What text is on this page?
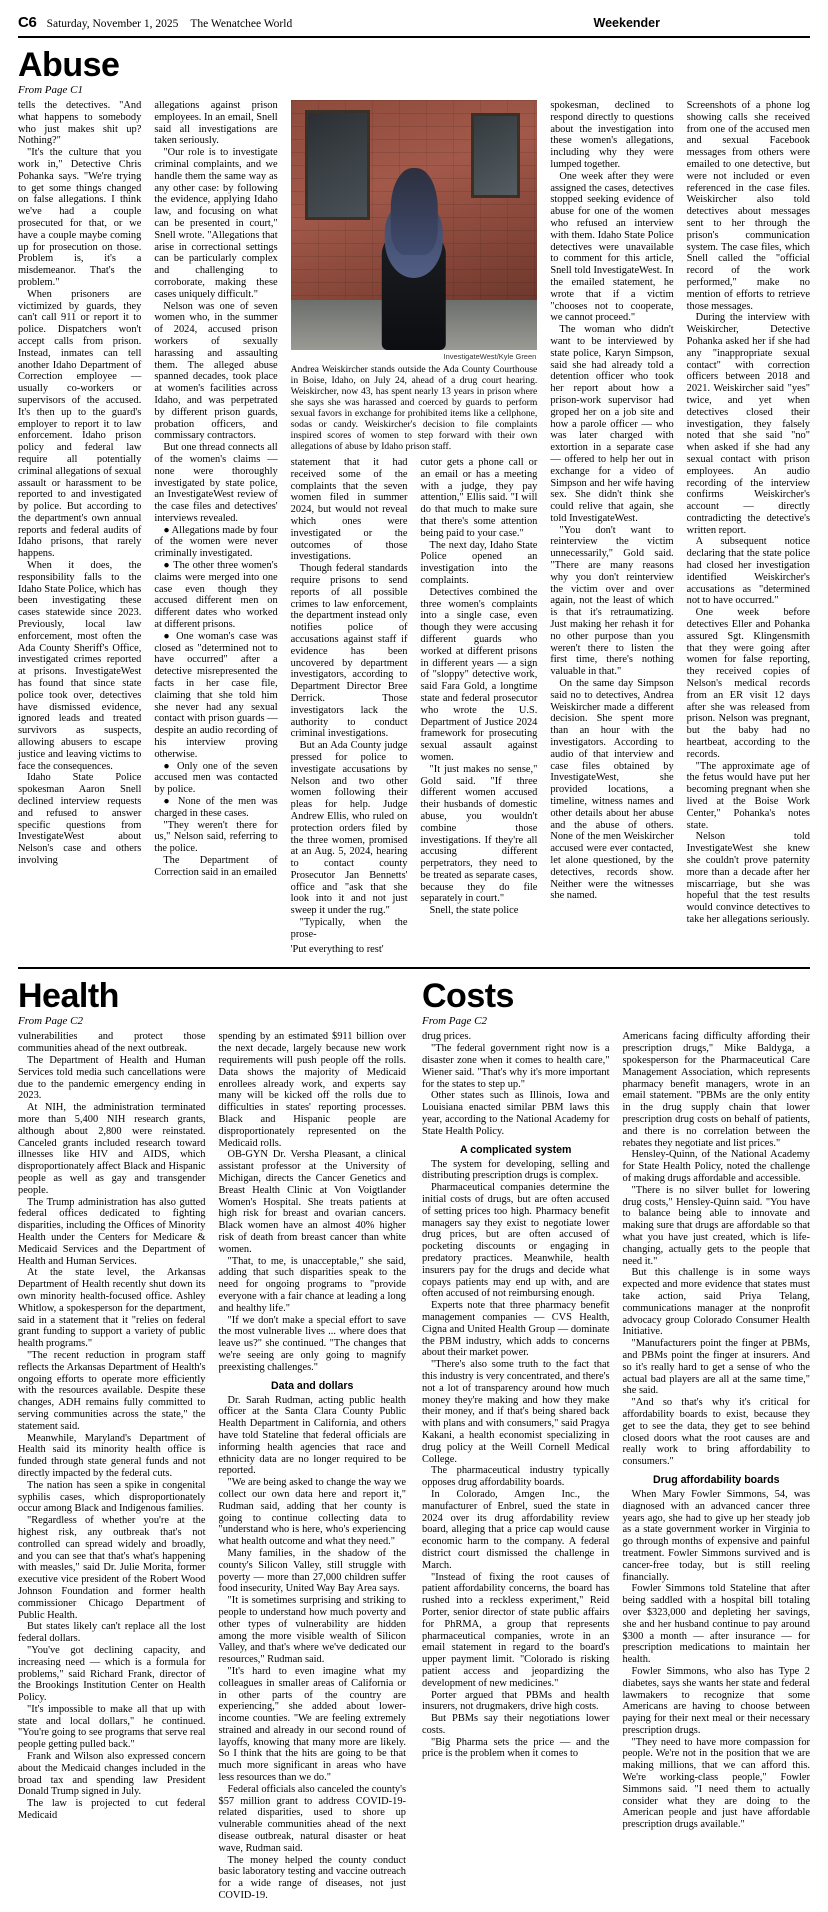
C6 Saturday, November 1, 2025 The Wenatchee World	Weekender
Abuse
From Page C1

tells the detectives. "And what happens to somebody who just makes shit up? Nothing?"

"It's the culture that you work in," Detective Chris Pohanka says. "We're trying to get some things changed on false allegations. I think we've had a couple prosecuted for that, or we have a couple maybe coming up for prosecution on those. Problem is, it's a misdemeanor. That's the problem."

When prisoners are victimized by guards, they can't call 911 or report it to police. Dispatchers won't accept calls from prison. Instead, inmates can tell another Idaho Department of Correction employee — usually co-workers or supervisors of the accused. It's then up to the guard's employer to report it to law enforcement. Idaho prison policy and federal law require all potentially criminal allegations of sexual assault or harassment to be reported to and investigated by police. But according to the department's own annual reports and federal audits of Idaho prisons, that rarely happens.

When it does, the responsibility falls to the Idaho State Police, which has been investigating these cases statewide since 2023. Previously, local law enforcement, most often the Ada County Sheriff's Office, investigated crimes reported at prisons. InvestigateWest has found that since state police took over, detectives have dismissed evidence, ignored leads and treated survivors as suspects, allowing abusers to escape justice and leaving victims to face the consequences.

Idaho State Police spokesman Aaron Snell declined interview requests and refused to answer specific questions from InvestigateWest about Nelson's case and others involving

allegations against prison employees. In an email, Snell said all investigations are taken seriously.

"Our role is to investigate criminal complaints, and we handle them the same way as any other case: by following the evidence, applying Idaho law, and focusing on what can be presented in court," Snell wrote. "Allegations that arise in correctional settings can be particularly complex and challenging to corroborate, making these cases uniquely difficult."

Nelson was one of seven women who, in the summer of 2024, accused prison workers of sexually harassing and assaulting them. The alleged abuse spanned decades, took place at women's facilities across Idaho, and was perpetrated by different prison guards, probation officers, and commissary contractors.

But one thread connects all of the women's claims — none were thoroughly investigated by state police, an InvestigateWest review of the case files and detectives' interviews revealed.

● Allegations made by four of the women were never criminally investigated.

● The other three women's claims were merged into one case even though they accused different men on different dates who worked at different prisons.

● One woman's case was closed as "determined not to have occurred" after a detective misrepresented the facts in her case file, claiming that she told him she never had any sexual contact with prison guards — despite an audio recording of his interview proving otherwise.

● Only one of the seven accused men was contacted by police.

● None of the men was charged in these cases.

"They weren't there for us," Nelson said, referring to the police.

The Department of Correction said in an emailed

InvestigateWest/Kyle Green
Andrea Weiskircher stands outside the Ada County Courthouse in Boise, Idaho, on July 24, ahead of a drug court hearing. Weiskircher, now 43, has spent nearly 13 years in prison where she says she was harassed and coerced by guards to perform sexual favors in exchange for prohibited items like a cellphone, sodas or candy. Weiskircher's decision to file complaints inspired scores of women to step forward with their own allegations of abuse by Idaho prison staff.

statement that it had received some of the complaints that the seven women filed in summer 2024, but would not reveal which ones were investigated or the outcomes of those investigations.

Though federal standards require prisons to send reports of all possible crimes to law enforcement, the department instead only notifies police of accusations against staff if evidence has been uncovered by department investigators, according to Department Director Bree Derrick. Those investigators lack the authority to conduct criminal investigations.

But an Ada County judge pressed for police to investigate accusations by Nelson and two other women following their pleas for help. Judge Andrew Ellis, who ruled on protection orders filed by the three women, promised at an Aug. 5, 2024, hearing to contact county Prosecutor Jan Bennetts' office and "ask that she look into it and not just sweep it under the rug."

"Typically, when the prose-

cutor gets a phone call or an email or has a meeting with a judge, they pay attention," Ellis said. "I will do that much to make sure that there's some attention being paid to your case."

The next day, Idaho State Police opened an investigation into the complaints.

Detectives combined the three women's complaints into a single case, even though they were accusing different guards who worked at different prisons in different years — a sign of "sloppy" detective work, said Fara Gold, a longtime state and federal prosecutor who wrote the U.S. Department of Justice 2024 framework for prosecuting sexual assault against women.

"It just makes no sense," Gold said. "If three different women accused their husbands of domestic abuse, you wouldn't combine those investigations. If they're all accusing different perpetrators, they need to be treated as separate cases, because they do file separately in court."

Snell, the state police

'Put everything to rest'

spokesman, declined to respond directly to questions about the investigation into these women's allegations, including why they were lumped together.

One week after they were assigned the cases, detectives stopped seeking evidence of abuse for one of the women who refused an interview with them. Idaho State Police detectives were unavailable to comment for this article, Snell told InvestigateWest. In the emailed statement, he wrote that if a victim "chooses not to cooperate, we cannot proceed."

The woman who didn't want to be interviewed by state police, Karyn Simpson, said she had already told a detention officer who took her report about how a prison-work supervisor had groped her on a job site and how a parole officer — who was later charged with extortion in a separate case — offered to help her out in exchange for a video of Simpson and her wife having sex. She didn't think she could relive that again, she told InvestigateWest.

"You don't want to reinterview the victim unnecessarily," Gold said. "There are many reasons why you don't reinterview the victim over and over again, not the least of which is that it's retraumatizing. Just making her rehash it for no other purpose than you weren't there to listen the first time, there's nothing valuable in that."

On the same day Simpson said no to detectives, Andrea Weiskircher made a different decision. She spent more than an hour with the investigators. According to audio of that interview and case files obtained by InvestigateWest, she provided locations, a timeline, witness names and other details about her abuse and the abuse of others. None of the men Weiskircher accused were ever contacted, let alone questioned, by the detectives, records show. Neither were the witnesses she named.

Screenshots of a phone log showing calls she received from one of the accused men and sexual Facebook messages from others were emailed to one detective, but were not included or even referenced in the case files. Weiskircher also told detectives about messages sent to her through the prison's communication system. The case files, which Snell called the "official record of the work performed," make no mention of efforts to retrieve those messages.

During the interview with Weiskircher, Detective Pohanka asked her if she had any "inappropriate sexual contact" with correction officers between 2018 and 2021. Weiskircher said "yes" twice, and yet when detectives closed their investigation, they falsely noted that she said "no" when asked if she had any sexual contact with prison employees. An audio recording of the interview confirms Weiskircher's account — directly contradicting the detective's written report.

A subsequent notice declaring that the state police had closed her investigation identified Weiskircher's accusations as "determined not to have occurred."

One week before detectives Eller and Pohanka assured Sgt. Klingensmith that they were going after women for false reporting, they received copies of Nelson's medical records from an ER visit 12 days after she was released from prison. Nelson was pregnant, but the baby had no heartbeat, according to the records.

"The approximate age of the fetus would have put her becoming pregnant when she lived at the Boise Work Center," Pohanka's notes state.

Nelson told InvestigateWest she knew she couldn't prove paternity more than a decade after her miscarriage, but she was hopeful that the test results would convince detectives to take her allegations seriously.

Health
From Page C2

vulnerabilities and protect those communities ahead of the next outbreak.

The Department of Health and Human Services told media such cancellations were due to the pandemic emergency ending in 2023.

At NIH, the administration terminated more than 5,400 NIH research grants, although about 2,800 were reinstated. Canceled grants included research toward illnesses like HIV and AIDS, which disproportionately affect Black and Hispanic people as well as gay and transgender people.

The Trump administration has also gutted federal offices dedicated to fighting disparities, including the Offices of Minority Health under the Centers for Medicare & Medicaid Services and the Department of Health and Human Services.

At the state level, the Arkansas Department of Health recently shut down its own minority health-focused office. Ashley Whitlow, a spokesperson for the department, said in a statement that it "relies on federal grant funding to support a variety of public health programs."

"The recent reduction in program staff reflects the Arkansas Department of Health's ongoing efforts to operate more efficiently with the resources available. Despite these changes, ADH remains fully committed to serving communities across the state," the statement said.

Meanwhile, Maryland's Department of Health said its minority health office is funded through state general funds and not directly impacted by the federal cuts.

The nation has seen a spike in congenital syphilis cases, which disproportionately occur among Black and Indigenous families.

"Regardless of whether you're at the highest risk, any outbreak that's not controlled can spread widely and broadly, and you can see that that's what's happening with measles," said Dr. Julie Morita, former executive vice president of the Robert Wood Johnson Foundation and former health commissioner Chicago Department of Public Health.

But states likely can't replace all the lost federal dollars.

"You've got declining capacity, and increasing need — which is a formula for problems," said Richard Frank, director of the Brookings Institution Center on Health Policy.

"It's impossible to make all that up with state and local dollars," he continued. "You're going to see programs that serve real people getting pulled back."

Frank and Wilson also expressed concern about the Medicaid changes included in the broad tax and spending law President Donald Trump signed in July.

The law is projected to cut federal Medicaid

spending by an estimated $911 billion over the next decade, largely because new work requirements will push people off the rolls. Data shows the majority of Medicaid enrollees already work, and experts say many will be kicked off the rolls due to difficulties in states' reporting processes. Black and Hispanic people are disproportionately represented on the Medicaid rolls.

OB-GYN Dr. Versha Pleasant, a clinical assistant professor at the University of Michigan, directs the Cancer Genetics and Breast Health Clinic at Von Voigtlander Women's Hospital. She treats patients at high risk for breast and ovarian cancers. Black women have an almost 40% higher risk of death from breast cancer than white women.

"That, to me, is unacceptable," she said, adding that such disparities speak to the need for ongoing programs to "provide everyone with a fair chance at leading a long and healthy life."

"If we don't make a special effort to save the most vulnerable lives ... where does that leave us?" she continued. "The changes that we're seeing are only going to magnify preexisting challenges."

Data and dollars

Dr. Sarah Rudman, acting public health officer at the Santa Clara County Public Health Department in California, and others have told Stateline that federal officials are informing health agencies that race and ethnicity data are no longer required to be reported.

"We are being asked to change the way we collect our own data here and report it," Rudman said, adding that her county is going to continue collecting data to "understand who is here, who's experiencing what health outcome and what they need."

Many families, in the shadow of the county's Silicon Valley, still struggle with poverty — more than 27,000 children suffer food insecurity, United Way Bay Area says.

"It is sometimes surprising and striking to people to understand how much poverty and other types of vulnerability are hidden among the more visible wealth of Silicon Valley, and that's where we've dedicated our resources," Rudman said.

"It's hard to even imagine what my colleagues in smaller areas of California or in other parts of the country are experiencing," she added about lower-income counties. "We are feeling extremely strained and already in our second round of layoffs, knowing that many more are likely. So I think that the hits are going to be that much more significant in areas who have less resources than we do."

Federal officials also canceled the county's $57 million grant to address COVID-19-related disparities, used to shore up vulnerable communities ahead of the next disease outbreak, natural disaster or heat wave, Rudman said.

The money helped the county conduct basic laboratory testing and vaccine outreach for a wide range of diseases, not just COVID-19.

Costs
From Page C2

drug prices.

"The federal government right now is a disaster zone when it comes to health care," Wiener said. "That's why it's more important for the states to step up."

Other states such as Illinois, Iowa and Louisiana enacted similar PBM laws this year, according to the National Academy for State Health Policy.

A complicated system

The system for developing, selling and distributing prescription drugs is complex.

Pharmaceutical companies determine the initial costs of drugs, but are often accused of setting prices too high. Pharmacy benefit managers say they exist to negotiate lower drug prices, but are often accused of pocketing discounts or engaging in predatory practices. Meanwhile, health insurers pay for the drugs and decide what copays patients may end up with, and are often accused of not reimbursing enough.

Experts note that three pharmacy benefit management companies — CVS Health, Cigna and United Health Group — dominate the PBM industry, which adds to concerns about their market power.

"There's also some truth to the fact that this industry is very concentrated, and there's not a lot of transparency around how much money they're making and how they make their money, and if that's being shared back with plans and with consumers," said Pragya Kakani, a health economist specializing in drug policy at the Weill Cornell Medical College.

The pharmaceutical industry typically opposes drug affordability boards.

In Colorado, Amgen Inc., the manufacturer of Enbrel, sued the state in 2024 over its drug affordability review board, alleging that a price cap would cause economic harm to the company. A federal district court dismissed the challenge in March.

"Instead of fixing the root causes of patient affordability concerns, the board has rushed into a reckless experiment," Reid Porter, senior director of state public affairs for PhRMA, a group that represents pharmaceutical companies, wrote in an email statement in regard to the board's upper payment limit. "Colorado is risking patient access and jeopardizing the development of new medicines."

Porter argued that PBMs and health insurers, not drugmakers, drive high costs.

But PBMs say their negotiations lower costs.

"Big Pharma sets the price — and the price is the problem when it comes to

Americans facing difficulty affording their prescription drugs," Mike Baldyga, a spokesperson for the Pharmaceutical Care Management Association, which represents pharmacy benefit managers, wrote in an email statement. "PBMs are the only entity in the drug supply chain that lower prescription drug costs on behalf of patients, and there is no correlation between the rebates they negotiate and list prices."

Hensley-Quinn, of the National Academy for State Health Policy, noted the challenge of making drugs affordable and accessible.

"There is no silver bullet for lowering drug costs," Hensley-Quinn said. "You have to balance being able to innovate and making sure that drugs are affordable so that what you have just created, which is life-changing, actually gets to the people that need it."

But this challenge is in some ways expected and more evidence that states must take action, said Priya Telang, communications manager at the nonprofit advocacy group Colorado Consumer Health Initiative.

"Manufacturers point the finger at PBMs, and PBMs point the finger at insurers. And so it's really hard to get a sense of who the actual bad players are all at the same time," she said.

"And so that's why it's critical for affordability boards to exist, because they get to see the data, they get to see behind closed doors what the root causes are and really work to bring affordability to consumers."

Drug affordability boards

When Mary Fowler Simmons, 54, was diagnosed with an advanced cancer three years ago, she had to give up her steady job as a state government worker in Virginia to go through months of expensive and painful treatment. Fowler Simmons survived and is cancer-free today, but is still reeling financially.

Fowler Simmons told Stateline that after being saddled with a hospital bill totaling over $323,000 and depleting her savings, she and her husband continue to pay around $300 a month — after insurance — for prescription medications to maintain her health.

Fowler Simmons, who also has Type 2 diabetes, says she wants her state and federal lawmakers to recognize that some Americans are having to choose between paying for their next meal or their necessary prescription drugs.

"They need to have more compassion for people. We're not in the position that we are making millions, that we can afford this. We're working-class people," Fowler Simmons said. "I need them to actually consider what they are doing to the American people and just have affordable prescription drugs available."
